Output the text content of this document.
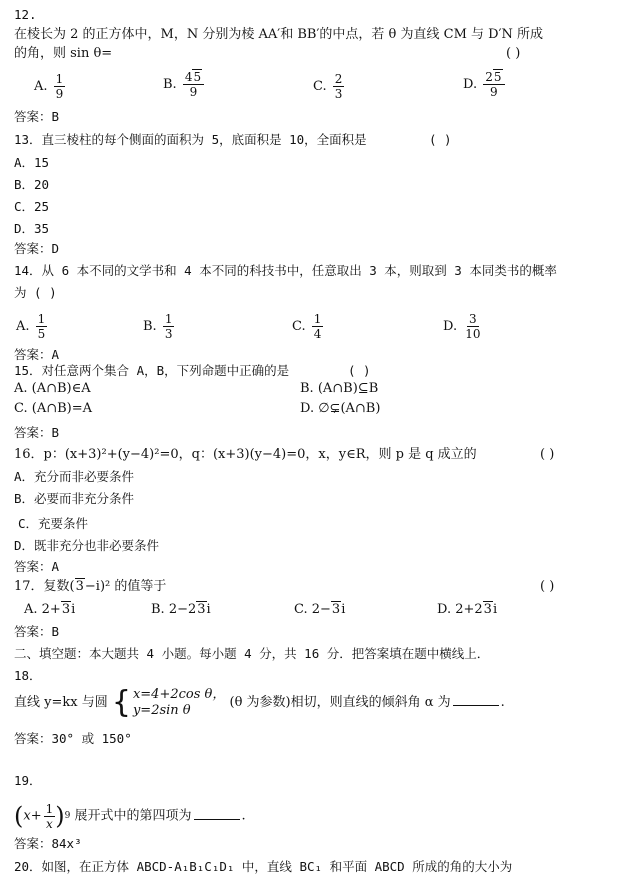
12.
在棱长为 2 的正方体中，M，N 分别为棱 AA′和 BB′的中点，若 θ 为直线 CM 与 D′N 所成
的角，则 sin θ=	( )
A. $\frac{1}{9}$	B. $\frac{45}{9}$	C. $\frac{2}{3}$	D. $\frac{25}{9}$
答案：B
13．直三棱柱的每个侧面的面积为 5，底面积是 10，全面积是	( )
A．15
B．20
C．25
D．35
答案：D
14．从 6 本不同的文学书和 4 本不同的科技书中，任意取出 3 本，则取到 3 本同类书的概率
为 ( )
A. $\frac{1}{5}$	B. $\frac{1}{3}$	C. $\frac{1}{4}$	D. $\frac{3}{10}$
答案：A
15．对任意两个集合 A，B，下列命题中正确的是	( )
A. (A∩B)∈A	B. (A∩B)⊆B
C. (A∩B)=A	D. ∅⊊(A∩B)
答案：B
16．p：(x+3)²+(y−4)²=0，q：(x+3)(y−4)=0，x，y∈R，则 p 是 q 成立的	( )
A．充分而非必要条件
B．必要而非充分条件
C．充要条件
D．既非充分也非必要条件
答案：A
17．复数(3−i)² 的值等于	( )
A. 2+3i	B. 2−23i	C. 2−3i	D. 2+23i
答案：B
二、填空题：本大题共 4 小题。每小题 4 分，共 16 分．把答案填在题中横线上．
18．
直线 y=kx 与圆 { x=4+2cos θ，
y=2sin θ	(θ 为参数)相切，则直线的倾斜角 α 为	.
答案：30° 或 150°
19．
$(x+ \frac{1}{x} )^9$ 展开式中的第四项为	.
答案：84x³
20．如图，在正方体 ABCD-A₁B₁C₁D₁ 中，直线 BC₁ 和平面 ABCD 所成的角的大小为
